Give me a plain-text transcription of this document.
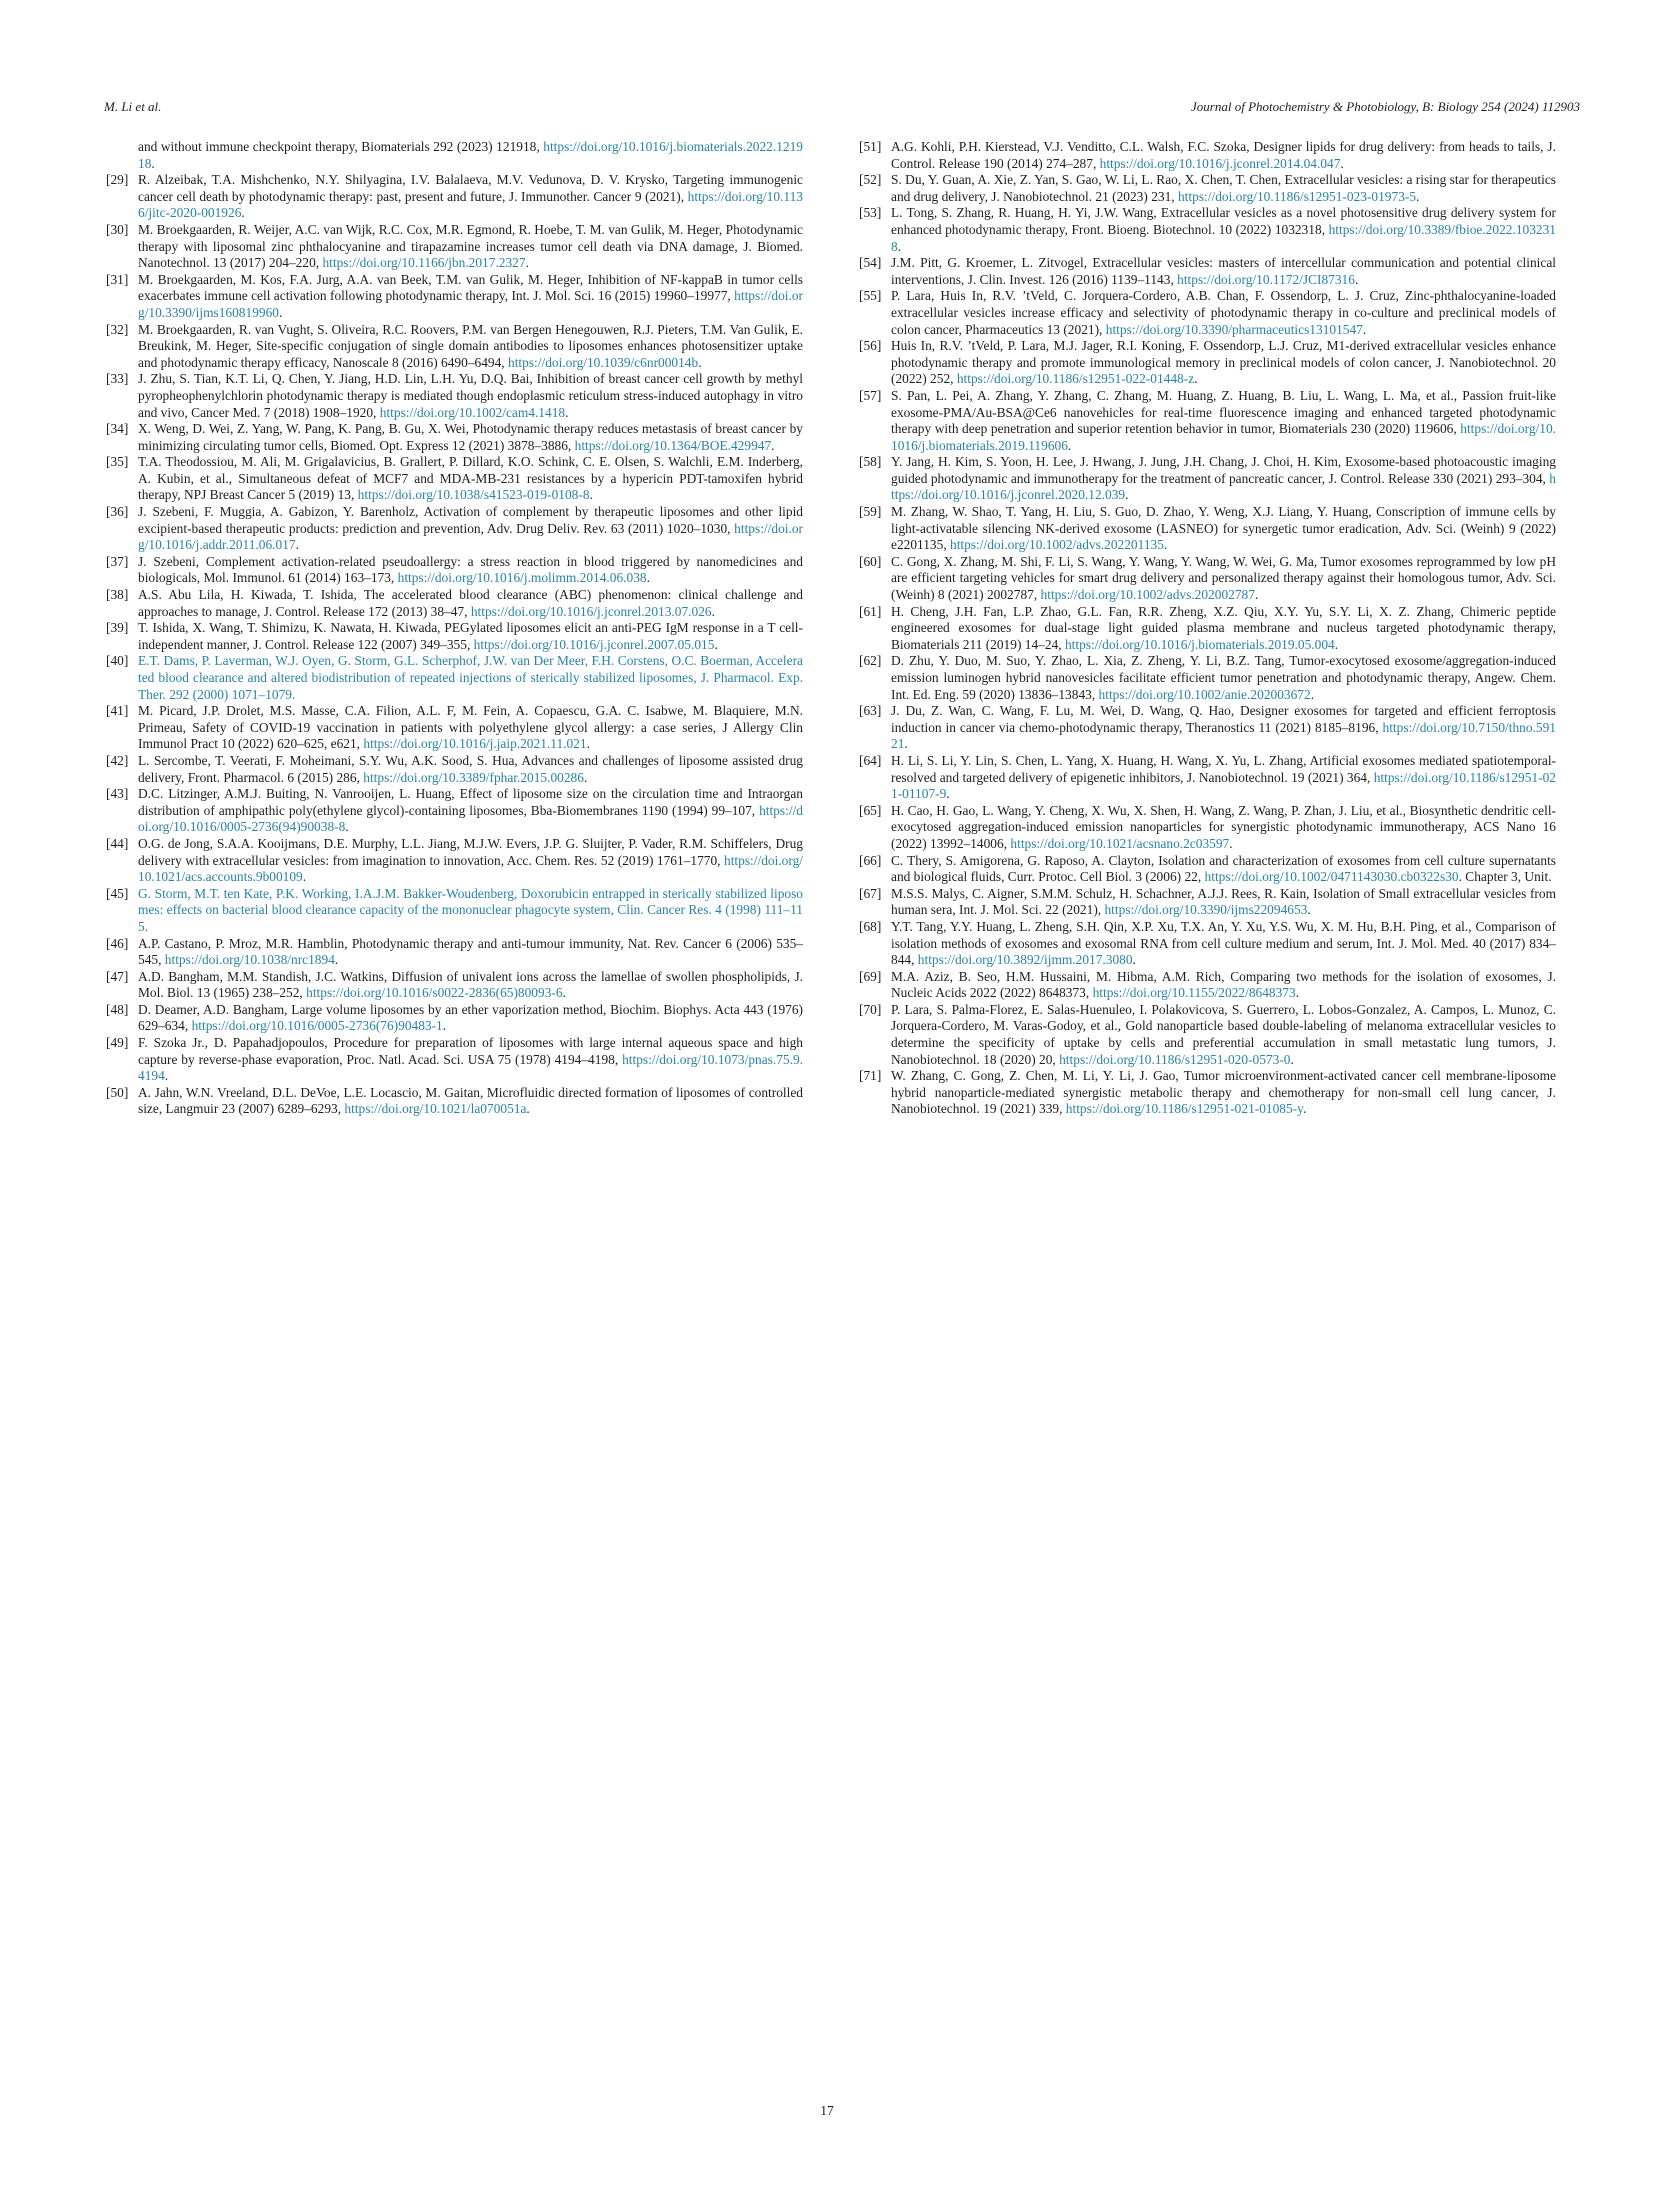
M. Li et al.	Journal of Photochemistry & Photobiology, B: Biology 254 (2024) 112903
and without immune checkpoint therapy, Biomaterials 292 (2023) 121918, https://doi.org/10.1016/j.biomaterials.2022.121918.
[29] R. Alzeibak, T.A. Mishchenko, N.Y. Shilyagina, I.V. Balalaeva, M.V. Vedunova, D. V. Krysko, Targeting immunogenic cancer cell death by photodynamic therapy: past, present and future, J. Immunother. Cancer 9 (2021), https://doi.org/10.1136/jitc-2020-001926.
[30] M. Broekgaarden, R. Weijer, A.C. van Wijk, R.C. Cox, M.R. Egmond, R. Hoebe, T. M. van Gulik, M. Heger, Photodynamic therapy with liposomal zinc phthalocyanine and tirapazamine increases tumor cell death via DNA damage, J. Biomed. Nanotechnol. 13 (2017) 204–220, https://doi.org/10.1166/jbn.2017.2327.
[31] M. Broekgaarden, M. Kos, F.A. Jurg, A.A. van Beek, T.M. van Gulik, M. Heger, Inhibition of NF-kappaB in tumor cells exacerbates immune cell activation following photodynamic therapy, Int. J. Mol. Sci. 16 (2015) 19960–19977, https://doi.org/10.3390/ijms160819960.
[32] M. Broekgaarden, R. van Vught, S. Oliveira, R.C. Roovers, P.M. van Bergen Henegouwen, R.J. Pieters, T.M. Van Gulik, E. Breukink, M. Heger, Site-specific conjugation of single domain antibodies to liposomes enhances photosensitizer uptake and photodynamic therapy efficacy, Nanoscale 8 (2016) 6490–6494, https://doi.org/10.1039/c6nr00014b.
[33] J. Zhu, S. Tian, K.T. Li, Q. Chen, Y. Jiang, H.D. Lin, L.H. Yu, D.Q. Bai, Inhibition of breast cancer cell growth by methyl pyropheophenylchlorin photodynamic therapy is mediated though endoplasmic reticulum stress-induced autophagy in vitro and vivo, Cancer Med. 7 (2018) 1908–1920, https://doi.org/10.1002/cam4.1418.
[34] X. Weng, D. Wei, Z. Yang, W. Pang, K. Pang, B. Gu, X. Wei, Photodynamic therapy reduces metastasis of breast cancer by minimizing circulating tumor cells, Biomed. Opt. Express 12 (2021) 3878–3886, https://doi.org/10.1364/BOE.429947.
[35] T.A. Theodossiou, M. Ali, M. Grigalavicius, B. Grallert, P. Dillard, K.O. Schink, C. E. Olsen, S. Walchli, E.M. Inderberg, A. Kubin, et al., Simultaneous defeat of MCF7 and MDA-MB-231 resistances by a hypericin PDT-tamoxifen hybrid therapy, NPJ Breast Cancer 5 (2019) 13, https://doi.org/10.1038/s41523-019-0108-8.
[36] J. Szebeni, F. Muggia, A. Gabizon, Y. Barenholz, Activation of complement by therapeutic liposomes and other lipid excipient-based therapeutic products: prediction and prevention, Adv. Drug Deliv. Rev. 63 (2011) 1020–1030, https://doi.org/10.1016/j.addr.2011.06.017.
[37] J. Szebeni, Complement activation-related pseudoallergy: a stress reaction in blood triggered by nanomedicines and biologicals, Mol. Immunol. 61 (2014) 163–173, https://doi.org/10.1016/j.molimm.2014.06.038.
[38] A.S. Abu Lila, H. Kiwada, T. Ishida, The accelerated blood clearance (ABC) phenomenon: clinical challenge and approaches to manage, J. Control. Release 172 (2013) 38–47, https://doi.org/10.1016/j.jconrel.2013.07.026.
[39] T. Ishida, X. Wang, T. Shimizu, K. Nawata, H. Kiwada, PEGylated liposomes elicit an anti-PEG IgM response in a T cell-independent manner, J. Control. Release 122 (2007) 349–355, https://doi.org/10.1016/j.jconrel.2007.05.015.
[40] E.T. Dams, P. Laverman, W.J. Oyen, G. Storm, G.L. Scherphof, J.W. van Der Meer, F.H. Corstens, O.C. Boerman, Accelerated blood clearance and altered biodistribution of repeated injections of sterically stabilized liposomes, J. Pharmacol. Exp. Ther. 292 (2000) 1071–1079.
[41] M. Picard, J.P. Drolet, M.S. Masse, C.A. Filion, A.L. F, M. Fein, A. Copaescu, G.A. C. Isabwe, M. Blaquiere, M.N. Primeau, Safety of COVID-19 vaccination in patients with polyethylene glycol allergy: a case series, J Allergy Clin Immunol Pract 10 (2022) 620–625, e621, https://doi.org/10.1016/j.jaip.2021.11.021.
[42] L. Sercombe, T. Veerati, F. Moheimani, S.Y. Wu, A.K. Sood, S. Hua, Advances and challenges of liposome assisted drug delivery, Front. Pharmacol. 6 (2015) 286, https://doi.org/10.3389/fphar.2015.00286.
[43] D.C. Litzinger, A.M.J. Buiting, N. Vanrooijen, L. Huang, Effect of liposome size on the circulation time and Intraorgan distribution of amphipathic poly(ethylene glycol)-containing liposomes, Bba-Biomembranes 1190 (1994) 99–107, https://doi.org/10.1016/0005-2736(94)90038-8.
[44] O.G. de Jong, S.A.A. Kooijmans, D.E. Murphy, L.L. Jiang, M.J.W. Evers, J.P. G. Sluijter, P. Vader, R.M. Schiffelers, Drug delivery with extracellular vesicles: from imagination to innovation, Acc. Chem. Res. 52 (2019) 1761–1770, https://doi.org/10.1021/acs.accounts.9b00109.
[45] G. Storm, M.T. ten Kate, P.K. Working, I.A.J.M. Bakker-Woudenberg, Doxorubicin entrapped in sterically stabilized liposomes: effects on bacterial blood clearance capacity of the mononuclear phagocyte system, Clin. Cancer Res. 4 (1998) 111–115.
[46] A.P. Castano, P. Mroz, M.R. Hamblin, Photodynamic therapy and anti-tumour immunity, Nat. Rev. Cancer 6 (2006) 535–545, https://doi.org/10.1038/nrc1894.
[47] A.D. Bangham, M.M. Standish, J.C. Watkins, Diffusion of univalent ions across the lamellae of swollen phospholipids, J. Mol. Biol. 13 (1965) 238–252, https://doi.org/10.1016/s0022-2836(65)80093-6.
[48] D. Deamer, A.D. Bangham, Large volume liposomes by an ether vaporization method, Biochim. Biophys. Acta 443 (1976) 629–634, https://doi.org/10.1016/0005-2736(76)90483-1.
[49] F. Szoka Jr., D. Papahadjopoulos, Procedure for preparation of liposomes with large internal aqueous space and high capture by reverse-phase evaporation, Proc. Natl. Acad. Sci. USA 75 (1978) 4194–4198, https://doi.org/10.1073/pnas.75.9.4194.
[50] A. Jahn, W.N. Vreeland, D.L. DeVoe, L.E. Locascio, M. Gaitan, Microfluidic directed formation of liposomes of controlled size, Langmuir 23 (2007) 6289–6293, https://doi.org/10.1021/la070051a.
[51] A.G. Kohli, P.H. Kierstead, V.J. Venditto, C.L. Walsh, F.C. Szoka, Designer lipids for drug delivery: from heads to tails, J. Control. Release 190 (2014) 274–287, https://doi.org/10.1016/j.jconrel.2014.04.047.
[52] S. Du, Y. Guan, A. Xie, Z. Yan, S. Gao, W. Li, L. Rao, X. Chen, T. Chen, Extracellular vesicles: a rising star for therapeutics and drug delivery, J. Nanobiotechnol. 21 (2023) 231, https://doi.org/10.1186/s12951-023-01973-5.
[53] L. Tong, S. Zhang, R. Huang, H. Yi, J.W. Wang, Extracellular vesicles as a novel photosensitive drug delivery system for enhanced photodynamic therapy, Front. Bioeng. Biotechnol. 10 (2022) 1032318, https://doi.org/10.3389/fbioe.2022.1032318.
[54] J.M. Pitt, G. Kroemer, L. Zitvogel, Extracellular vesicles: masters of intercellular communication and potential clinical interventions, J. Clin. Invest. 126 (2016) 1139–1143, https://doi.org/10.1172/JCI87316.
[55] P. Lara, Huis In, R.V. ’tVeld, C. Jorquera-Cordero, A.B. Chan, F. Ossendorp, L. J. Cruz, Zinc-phthalocyanine-loaded extracellular vesicles increase efficacy and selectivity of photodynamic therapy in co-culture and preclinical models of colon cancer, Pharmaceutics 13 (2021), https://doi.org/10.3390/pharmaceutics13101547.
[56] Huis In, R.V. ’tVeld, P. Lara, M.J. Jager, R.I. Koning, F. Ossendorp, L.J. Cruz, M1-derived extracellular vesicles enhance photodynamic therapy and promote immunological memory in preclinical models of colon cancer, J. Nanobiotechnol. 20 (2022) 252, https://doi.org/10.1186/s12951-022-01448-z.
[57] S. Pan, L. Pei, A. Zhang, Y. Zhang, C. Zhang, M. Huang, Z. Huang, B. Liu, L. Wang, L. Ma, et al., Passion fruit-like exosome-PMA/Au-BSA@Ce6 nanovehicles for real-time fluorescence imaging and enhanced targeted photodynamic therapy with deep penetration and superior retention behavior in tumor, Biomaterials 230 (2020) 119606, https://doi.org/10.1016/j.biomaterials.2019.119606.
[58] Y. Jang, H. Kim, S. Yoon, H. Lee, J. Hwang, J. Jung, J.H. Chang, J. Choi, H. Kim, Exosome-based photoacoustic imaging guided photodynamic and immunotherapy for the treatment of pancreatic cancer, J. Control. Release 330 (2021) 293–304, https://doi.org/10.1016/j.jconrel.2020.12.039.
[59] M. Zhang, W. Shao, T. Yang, H. Liu, S. Guo, D. Zhao, Y. Weng, X.J. Liang, Y. Huang, Conscription of immune cells by light-activatable silencing NK-derived exosome (LASNEO) for synergetic tumor eradication, Adv. Sci. (Weinh) 9 (2022) e2201135, https://doi.org/10.1002/advs.202201135.
[60] C. Gong, X. Zhang, M. Shi, F. Li, S. Wang, Y. Wang, Y. Wang, W. Wei, G. Ma, Tumor exosomes reprogrammed by low pH are efficient targeting vehicles for smart drug delivery and personalized therapy against their homologous tumor, Adv. Sci. (Weinh) 8 (2021) 2002787, https://doi.org/10.1002/advs.202002787.
[61] H. Cheng, J.H. Fan, L.P. Zhao, G.L. Fan, R.R. Zheng, X.Z. Qiu, X.Y. Yu, S.Y. Li, X. Z. Zhang, Chimeric peptide engineered exosomes for dual-stage light guided plasma membrane and nucleus targeted photodynamic therapy, Biomaterials 211 (2019) 14–24, https://doi.org/10.1016/j.biomaterials.2019.05.004.
[62] D. Zhu, Y. Duo, M. Suo, Y. Zhao, L. Xia, Z. Zheng, Y. Li, B.Z. Tang, Tumor-exocytosed exosome/aggregation-induced emission luminogen hybrid nanovesicles facilitate efficient tumor penetration and photodynamic therapy, Angew. Chem. Int. Ed. Eng. 59 (2020) 13836–13843, https://doi.org/10.1002/anie.202003672.
[63] J. Du, Z. Wan, C. Wang, F. Lu, M. Wei, D. Wang, Q. Hao, Designer exosomes for targeted and efficient ferroptosis induction in cancer via chemo-photodynamic therapy, Theranostics 11 (2021) 8185–8196, https://doi.org/10.7150/thno.59121.
[64] H. Li, S. Li, Y. Lin, S. Chen, L. Yang, X. Huang, H. Wang, X. Yu, L. Zhang, Artificial exosomes mediated spatiotemporal-resolved and targeted delivery of epigenetic inhibitors, J. Nanobiotechnol. 19 (2021) 364, https://doi.org/10.1186/s12951-021-01107-9.
[65] H. Cao, H. Gao, L. Wang, Y. Cheng, X. Wu, X. Shen, H. Wang, Z. Wang, P. Zhan, J. Liu, et al., Biosynthetic dendritic cell-exocytosed aggregation-induced emission nanoparticles for synergistic photodynamic immunotherapy, ACS Nano 16 (2022) 13992–14006, https://doi.org/10.1021/acsnano.2c03597.
[66] C. Thery, S. Amigorena, G. Raposo, A. Clayton, Isolation and characterization of exosomes from cell culture supernatants and biological fluids, Curr. Protoc. Cell Biol. 3 (2006) 22, https://doi.org/10.1002/0471143030.cb0322s30. Chapter 3, Unit.
[67] M.S.S. Malys, C. Aigner, S.M.M. Schulz, H. Schachner, A.J.J. Rees, R. Kain, Isolation of Small extracellular vesicles from human sera, Int. J. Mol. Sci. 22 (2021), https://doi.org/10.3390/ijms22094653.
[68] Y.T. Tang, Y.Y. Huang, L. Zheng, S.H. Qin, X.P. Xu, T.X. An, Y. Xu, Y.S. Wu, X. M. Hu, B.H. Ping, et al., Comparison of isolation methods of exosomes and exosomal RNA from cell culture medium and serum, Int. J. Mol. Med. 40 (2017) 834–844, https://doi.org/10.3892/ijmm.2017.3080.
[69] M.A. Aziz, B. Seo, H.M. Hussaini, M. Hibma, A.M. Rich, Comparing two methods for the isolation of exosomes, J. Nucleic Acids 2022 (2022) 8648373, https://doi.org/10.1155/2022/8648373.
[70] P. Lara, S. Palma-Florez, E. Salas-Huenuleo, I. Polakovicova, S. Guerrero, L. Lobos-Gonzalez, A. Campos, L. Munoz, C. Jorquera-Cordero, M. Varas-Godoy, et al., Gold nanoparticle based double-labeling of melanoma extracellular vesicles to determine the specificity of uptake by cells and preferential accumulation in small metastatic lung tumors, J. Nanobiotechnol. 18 (2020) 20, https://doi.org/10.1186/s12951-020-0573-0.
[71] W. Zhang, C. Gong, Z. Chen, M. Li, Y. Li, J. Gao, Tumor microenvironment-activated cancer cell membrane-liposome hybrid nanoparticle-mediated synergistic metabolic therapy and chemotherapy for non-small cell lung cancer, J. Nanobiotechnol. 19 (2021) 339, https://doi.org/10.1186/s12951-021-01085-y.
17
